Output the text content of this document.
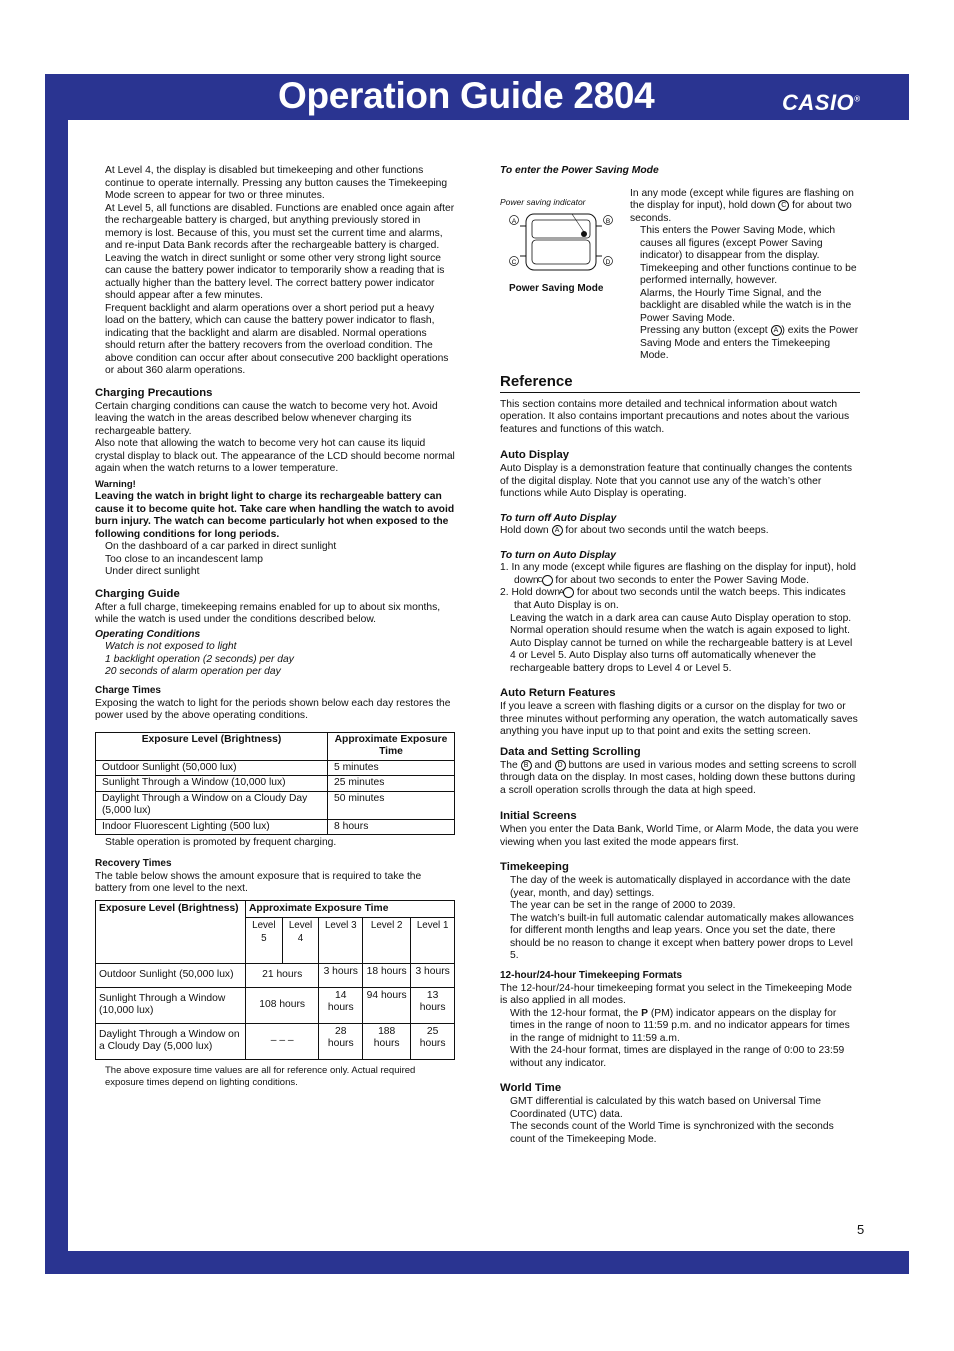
Operation Guide 2804	CASIO®

At Level 4, the display is disabled but timekeeping and other functions continue to operate internally. Pressing any button causes the Timekeeping Mode screen to appear for two or three minutes.

At Level 5, all functions are disabled. Functions are enabled once again after the rechargeable battery is charged, but anything previously stored in memory is lost. Because of this, you must set the current time and alarms, and re-input Data Bank records after the rechargeable battery is charged.

Leaving the watch in direct sunlight or some other very strong light source can cause the battery power indicator to temporarily show a reading that is actually higher than the battery level. The correct battery power indicator should appear after a few minutes.

Frequent backlight and alarm operations over a short period put a heavy load on the battery, which can cause the battery power indicator to flash, indicating that the backlight and alarm are disabled. Normal operations should return after the battery recovers from the overload condition. The above condition can occur after about consecutive 200 backlight operations or about 360 alarm operations.

Charging Precautions

Certain charging conditions can cause the watch to become very hot. Avoid leaving the watch in the areas described below whenever charging its rechargeable battery.

Also note that allowing the watch to become very hot can cause its liquid crystal display to black out. The appearance of the LCD should become normal again when the watch returns to a lower temperature.

Warning!

Leaving the watch in bright light to charge its rechargeable battery can cause it to become quite hot. Take care when handling the watch to avoid burn injury. The watch can become particularly hot when exposed to the following conditions for long periods.

On the dashboard of a car parked in direct sunlight

Too close to an incandescent lamp

Under direct sunlight

Charging Guide

After a full charge, timekeeping remains enabled for up to about six months, while the watch is used under the conditions described below.

Operating Conditions

Watch is not exposed to light

1 backlight operation (2 seconds) per day

20 seconds of alarm operation per day

Charge Times

Exposing the watch to light for the periods shown below each day restores the power used by the above operating conditions.

Exposure Level (Brightness)	Approximate Exposure Time
Outdoor Sunlight (50,000 lux)	5 minutes
Sunlight Through a Window (10,000 lux)	25 minutes
Daylight Through a Window on a Cloudy Day (5,000 lux)	50 minutes
Indoor Fluorescent Lighting (500 lux)	8 hours

Stable operation is promoted by frequent charging.

Recovery Times

The table below shows the amount exposure that is required to take the battery from one level to the next.

Exposure Level (Brightness)	Approximate Exposure Time				
	Level 5	Level 4	Level 3	Level 2	Level 1
Outdoor Sunlight (50,000 lux)	21 hours		3 hours	18 hours	3 hours
Sunlight Through a Window (10,000 lux)	108 hours		14 hours	94 hours	13 hours
Daylight Through a Window on a Cloudy Day (5,000 lux)	– – –		28 hours	188 hours	25 hours

The above exposure time values are all for reference only. Actual required exposure times depend on lighting conditions.

To enter the Power Saving Mode

Power saving indicator

A	B
C	D

Power Saving Mode

In any mode (except while figures are flashing on the display for input), hold down C for about two seconds.

This enters the Power Saving Mode, which causes all figures (except Power Saving indicator) to disappear from the display.

Timekeeping and other functions continue to be performed internally, however.

Alarms, the Hourly Time Signal, and the backlight are disabled while the watch is in the Power Saving Mode.

Pressing any button (except A ) exits the Power Saving Mode and enters the Timekeeping Mode.

Reference

This section contains more detailed and technical information about watch operation. It also contains important precautions and notes about the various features and functions of this watch.

Auto Display

Auto Display is a demonstration feature that continually changes the contents of the digital display. Note that you cannot use any of the watch’s other functions while Auto Display is operating.

To turn off Auto Display

Hold down A for about two seconds until the watch beeps.

To turn on Auto Display

1. In any mode (except while figures are flashing on the display for input), hold down C for about two seconds to enter the Power Saving Mode.

2. Hold down A for about two seconds until the watch beeps. This indicates that Auto Display is on.

Leaving the watch in a dark area can cause Auto Display operation to stop. Normal operation should resume when the watch is again exposed to light.

Auto Display cannot be turned on while the rechargeable battery is at Level 4 or Level 5. Auto Display also turns off automatically whenever the rechargeable battery drops to Level 4 or Level 5.

Auto Return Features

If you leave a screen with flashing digits or a cursor on the display for two or three minutes without performing any operation, the watch automatically saves anything you have input up to that point and exits the setting screen.

Data and Setting Scrolling

The B and D buttons are used in various modes and setting screens to scroll through data on the display. In most cases, holding down these buttons during a scroll operation scrolls through the data at high speed.

Initial Screens

When you enter the Data Bank, World Time, or Alarm Mode, the data you were viewing when you last exited the mode appears first.

Timekeeping

The day of the week is automatically displayed in accordance with the date (year, month, and day) settings.

The year can be set in the range of 2000 to 2039.

The watch’s built-in full automatic calendar automatically makes allowances for different month lengths and leap years. Once you set the date, there should be no reason to change it except when battery power drops to Level 5.

12-hour/24-hour Timekeeping Formats

The 12-hour/24-hour timekeeping format you select in the Timekeeping Mode is also applied in all modes.

With the 12-hour format, the P (PM) indicator appears on the display for times in the range of noon to 11:59 p.m. and no indicator appears for times in the range of midnight to 11:59 a.m.

With the 24-hour format, times are displayed in the range of 0:00 to 23:59 without any indicator.

World Time

GMT differential is calculated by this watch based on Universal Time Coordinated (UTC) data.

The seconds count of the World Time is synchronized with the seconds count of the Timekeeping Mode.

5
